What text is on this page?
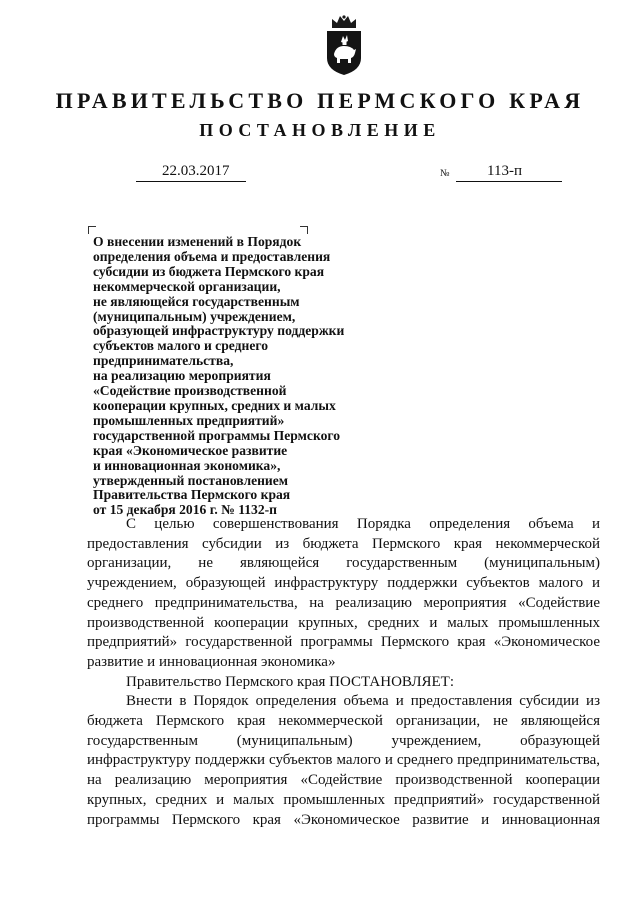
ПРАВИТЕЛЬСТВО ПЕРМСКОГО КРАЯ
ПОСТАНОВЛЕНИЕ
22.03.2017	№ 113-п
О внесении изменений в Порядок
определения объема и предоставления
субсидии из бюджета Пермского края
некоммерческой организации,
не являющейся государственным
(муниципальным) учреждением,
образующей инфраструктуру поддержки
субъектов малого и среднего
предпринимательства,
на реализацию мероприятия
«Содействие производственной
кооперации крупных, средних и малых
промышленных предприятий»
государственной программы Пермского
края «Экономическое развитие
и инновационная экономика»,
утвержденный постановлением
Правительства Пермского края
от 15 декабря 2016 г. № 1132-п

С целью совершенствования Порядка определения объема и предоставления субсидии из бюджета Пермского края некоммерческой организации, не являющейся государственным (муниципальным) учреждением, образующей инфраструктуру поддержки субъектов малого и среднего предпринимательства, на реализацию мероприятия «Содействие производственной кооперации крупных, средних и малых промышленных предприятий» государственной программы Пермского края «Экономическое развитие и инновационная экономика»

Правительство Пермского края ПОСТАНОВЛЯЕТ:

Внести в Порядок определения объема и предоставления субсидии из бюджета Пермского края некоммерческой организации, не являющейся государственным (муниципальным) учреждением, образующей инфраструктуру поддержки субъектов малого и среднего предпринимательства, на реализацию мероприятия «Содействие производственной кооперации крупных, средних и малых промышленных предприятий» государственной программы Пермского края «Экономическое развитие и инновационная
